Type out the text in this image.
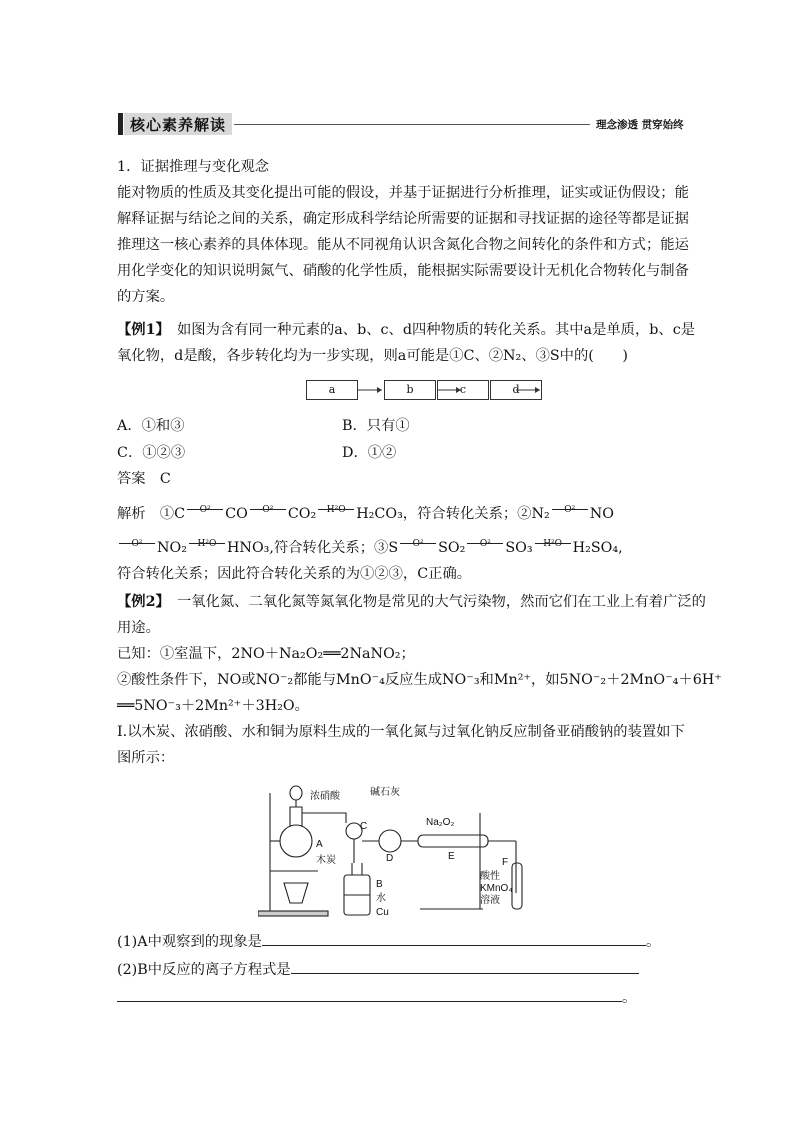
核心素养解读	理念渗透 贯穿始终
1．证据推理与变化观念
能对物质的性质及其变化提出可能的假设，并基于证据进行分析推理，证实或证伪假设；能
解释证据与结论之间的关系，确定形成科学结论所需要的证据和寻找证据的途径等都是证据
推理这一核心素养的具体体现。能从不同视角认识含氮化合物之间转化的条件和方式；能运
用化学变化的知识说明氮气、硝酸的化学性质，能根据实际需要设计无机化合物转化与制备
的方案。
【例1】　 如图为含有同一种元素的a、b、c、d四种物质的转化关系。其中a是单质，b、c是
氧化物，d是酸，各步转化均为一步实现，则a可能是①C、②N₂、③S中的(　　)
a	b	c	d
A．①和③	B．只有①
C．①②③	D．①②
答案　C
解析　 ①C O² CO O² CO₂ H²O H₂CO₃，符合转化关系；②N₂ O² NO
O² NO₂ H²O HNO₃,符合转化关系；③S O² SO₂ O² SO₃ H²O H₂SO₄,
符合转化关系；因此符合转化关系的为①②③，C正确。
【例2】　 一氧化氮、二氧化氮等氮氧化物是常见的大气污染物，然而它们在工业上有着广泛的
用途。
已知：①室温下，2NO＋Na₂O₂══2NaNO₂；
②酸性条件下，NO或NO⁻₂都能与MnO⁻₄反应生成NO⁻₃和Mn²⁺，如5NO⁻₂＋2MnO⁻₄＋6H⁺
══5NO⁻₃＋2Mn²⁺＋3H₂O。
Ⅰ.以木炭、浓硝酸、水和铜为原料生成的一氧化氮与过氧化钠反应制备亚硝酸钠的装置如下
图所示：
浓硝酸	碱石灰
Na₂O₂
A
木炭
C
D	E
B
水
Cu
F
酸性
KMnO₄
溶液
(1)A中观察到的现象是	。
(2)B中反应的离子方程式是
。
